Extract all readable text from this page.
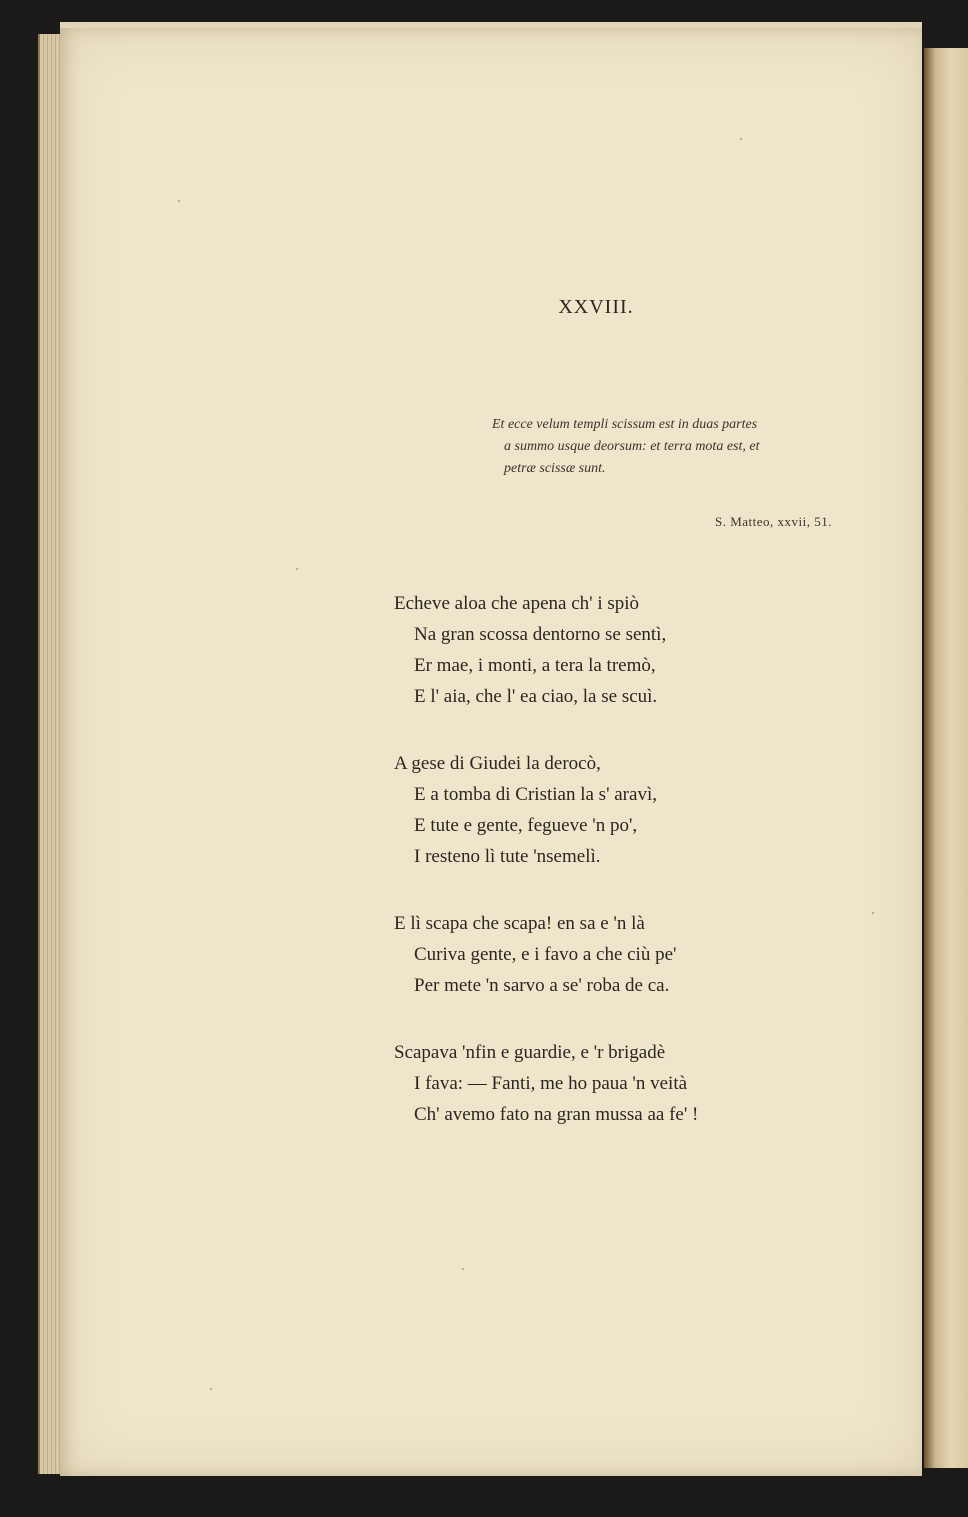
XXVIII.
Et ecce velum templi scissum est in duas partes
a summo usque deorsum: et terra mota est, et
petræ scissæ sunt.
S. Matteo, xxvii, 51.
Echeve aloa che apena ch' i spiò
Na gran scossa dentorno se sentì,
Er mae, i monti, a tera la tremò,
E l' aia, che l' ea ciao, la se scuì.
A gese di Giudei la derocò,
E a tomba di Cristian la s' aravì,
E tute e gente, fegueve 'n po',
I resteno lì tute 'nsemelì.
E lì scapa che scapa! en sa e 'n là
Curiva gente, e i favo a che ciù pe'
Per mete 'n sarvo a se' roba de ca.
Scapava 'nfin e guardie, e 'r brigadè
I fava: — Fanti, me ho paua 'n veità
Ch' avemo fato na gran mussa aa fe' !
